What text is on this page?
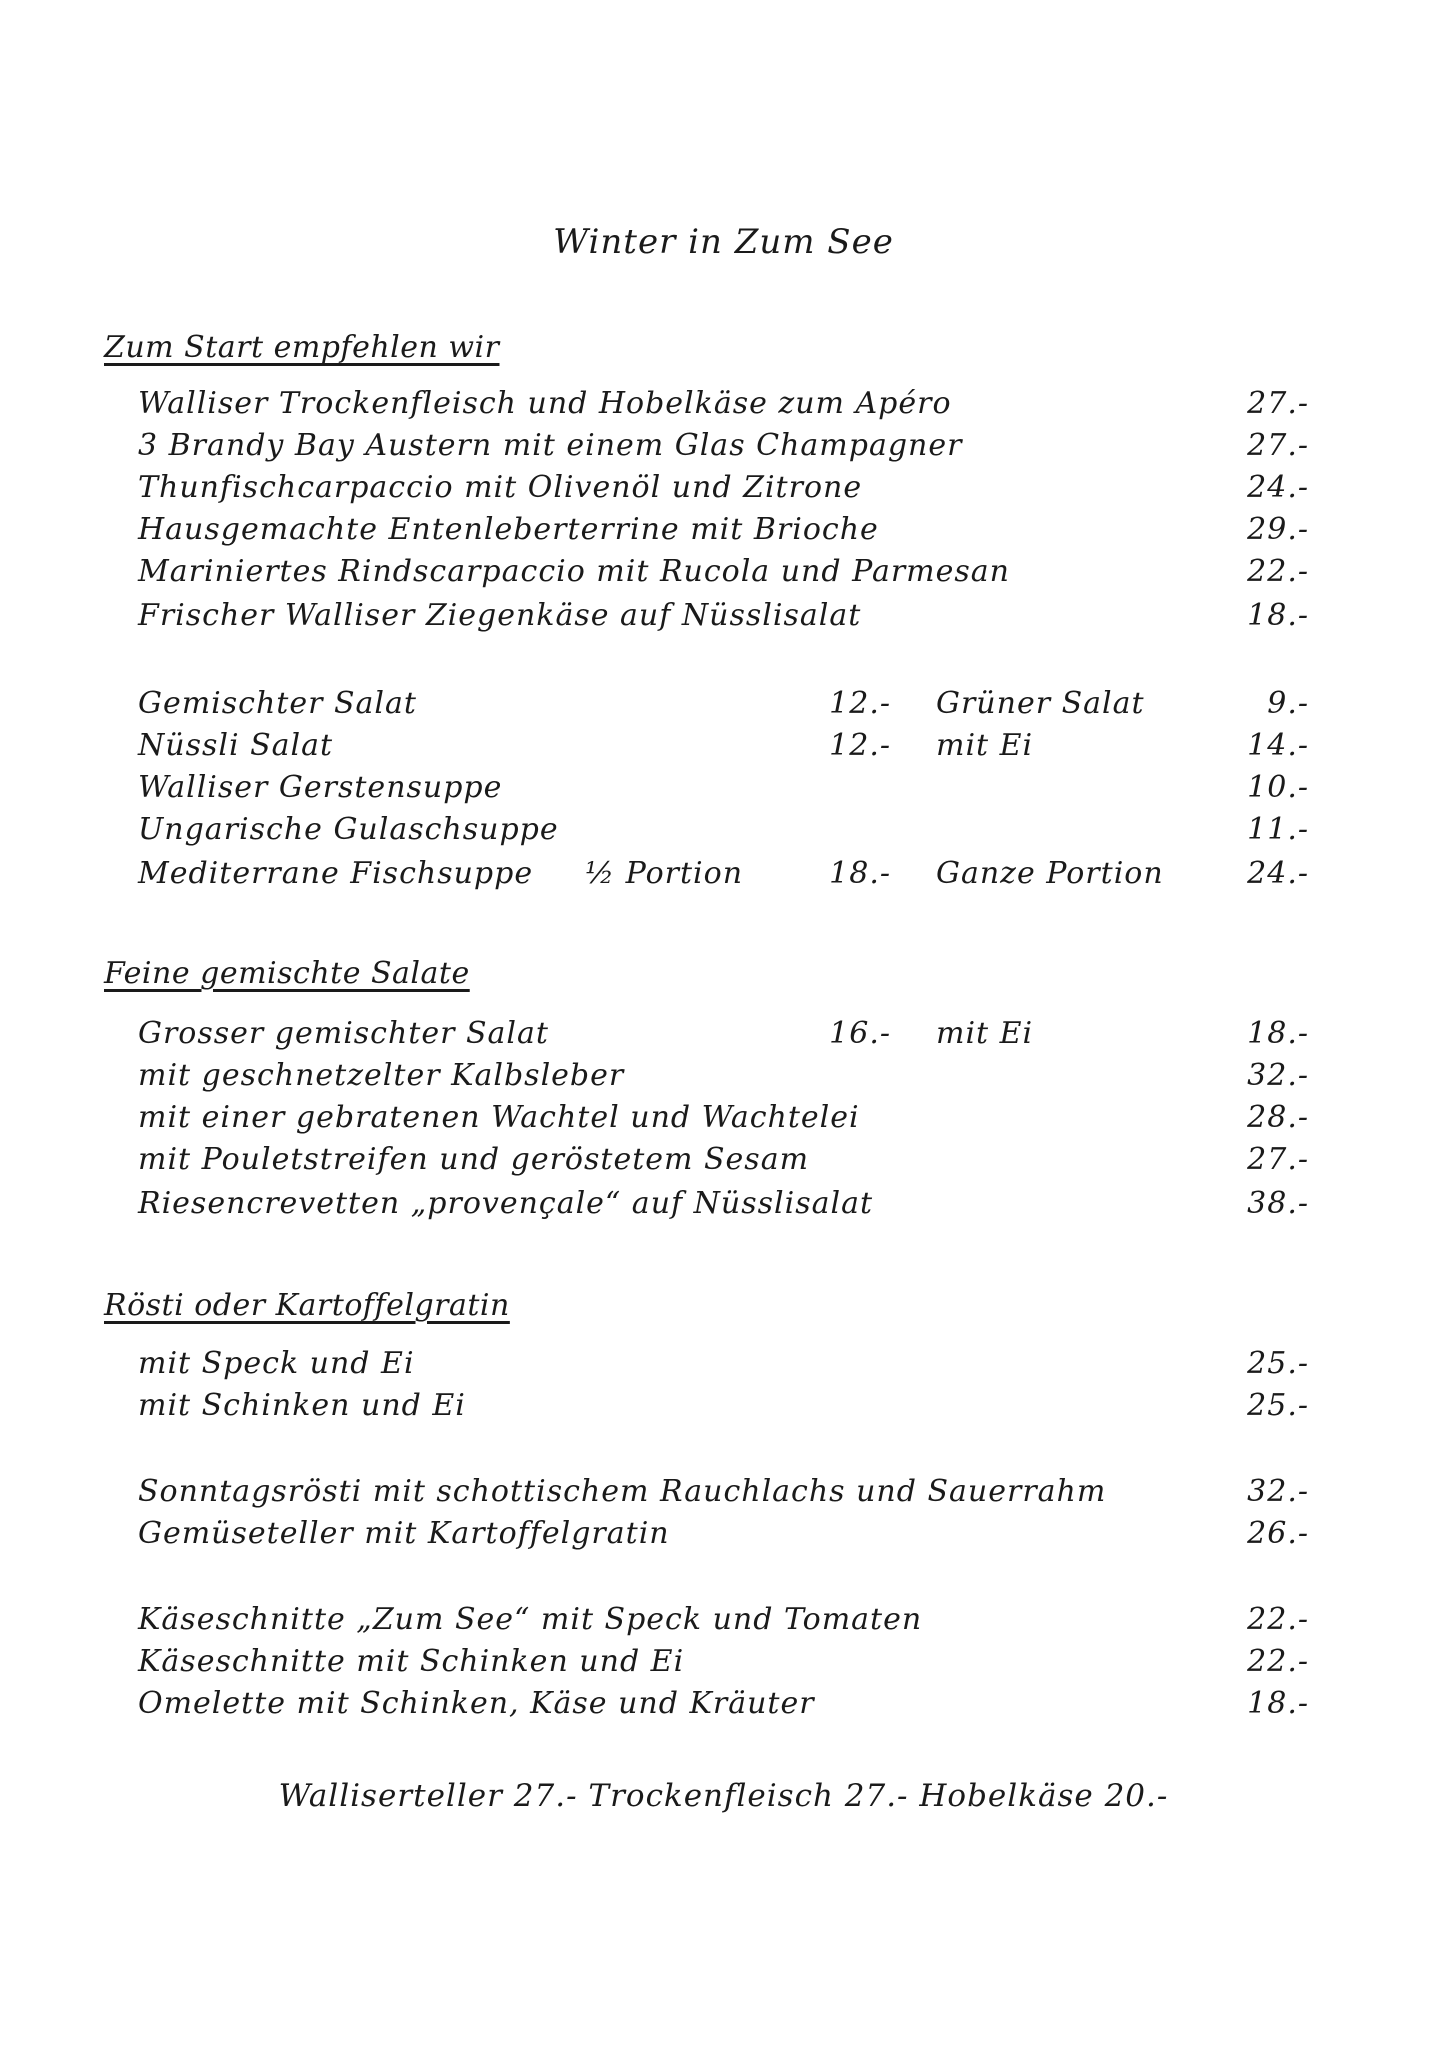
Winter in Zum See
Zum Start empfehlen wir
Walliser Trockenfleisch und Hobelkäse zum Apéro	27.-
3 Brandy Bay Austern mit einem Glas Champagner	27.-
Thunfischcarpaccio mit Olivenöl und Zitrone	24.-
Hausgemachte Entenleberterrine mit Brioche	29.-
Mariniertes Rindscarpaccio mit Rucola und Parmesan	22.-
Frischer Walliser Ziegenkäse auf Nüsslisalat	18.-
Gemischter Salat	12.- Grüner Salat	9.-
Nüssli Salat	12.- mit Ei	14.-
Walliser Gerstensuppe	10.-
Ungarische Gulaschsuppe	11.-
Mediterrane Fischsuppe ½ Portion	18.- Ganze Portion	24.-
Feine gemischte Salate
Grosser gemischter Salat	16.- mit Ei	18.-
mit geschnetzelter Kalbsleber	32.-
mit einer gebratenen Wachtel und Wachtelei	28.-
mit Pouletstreifen und geröstetem Sesam	27.-
Riesencrevetten „provençale“ auf Nüsslisalat	38.-
Rösti oder Kartoffelgratin
mit Speck und Ei	25.-
mit Schinken und Ei	25.-
Sonntagsrösti mit schottischem Rauchlachs und Sauerrahm	32.-
Gemüseteller mit Kartoffelgratin	26.-
Käseschnitte „Zum See“ mit Speck und Tomaten	22.-
Käseschnitte mit Schinken und Ei	22.-
Omelette mit Schinken, Käse und Kräuter	18.-
Walliserteller 27.- Trockenfleisch 27.- Hobelkäse 20.-
